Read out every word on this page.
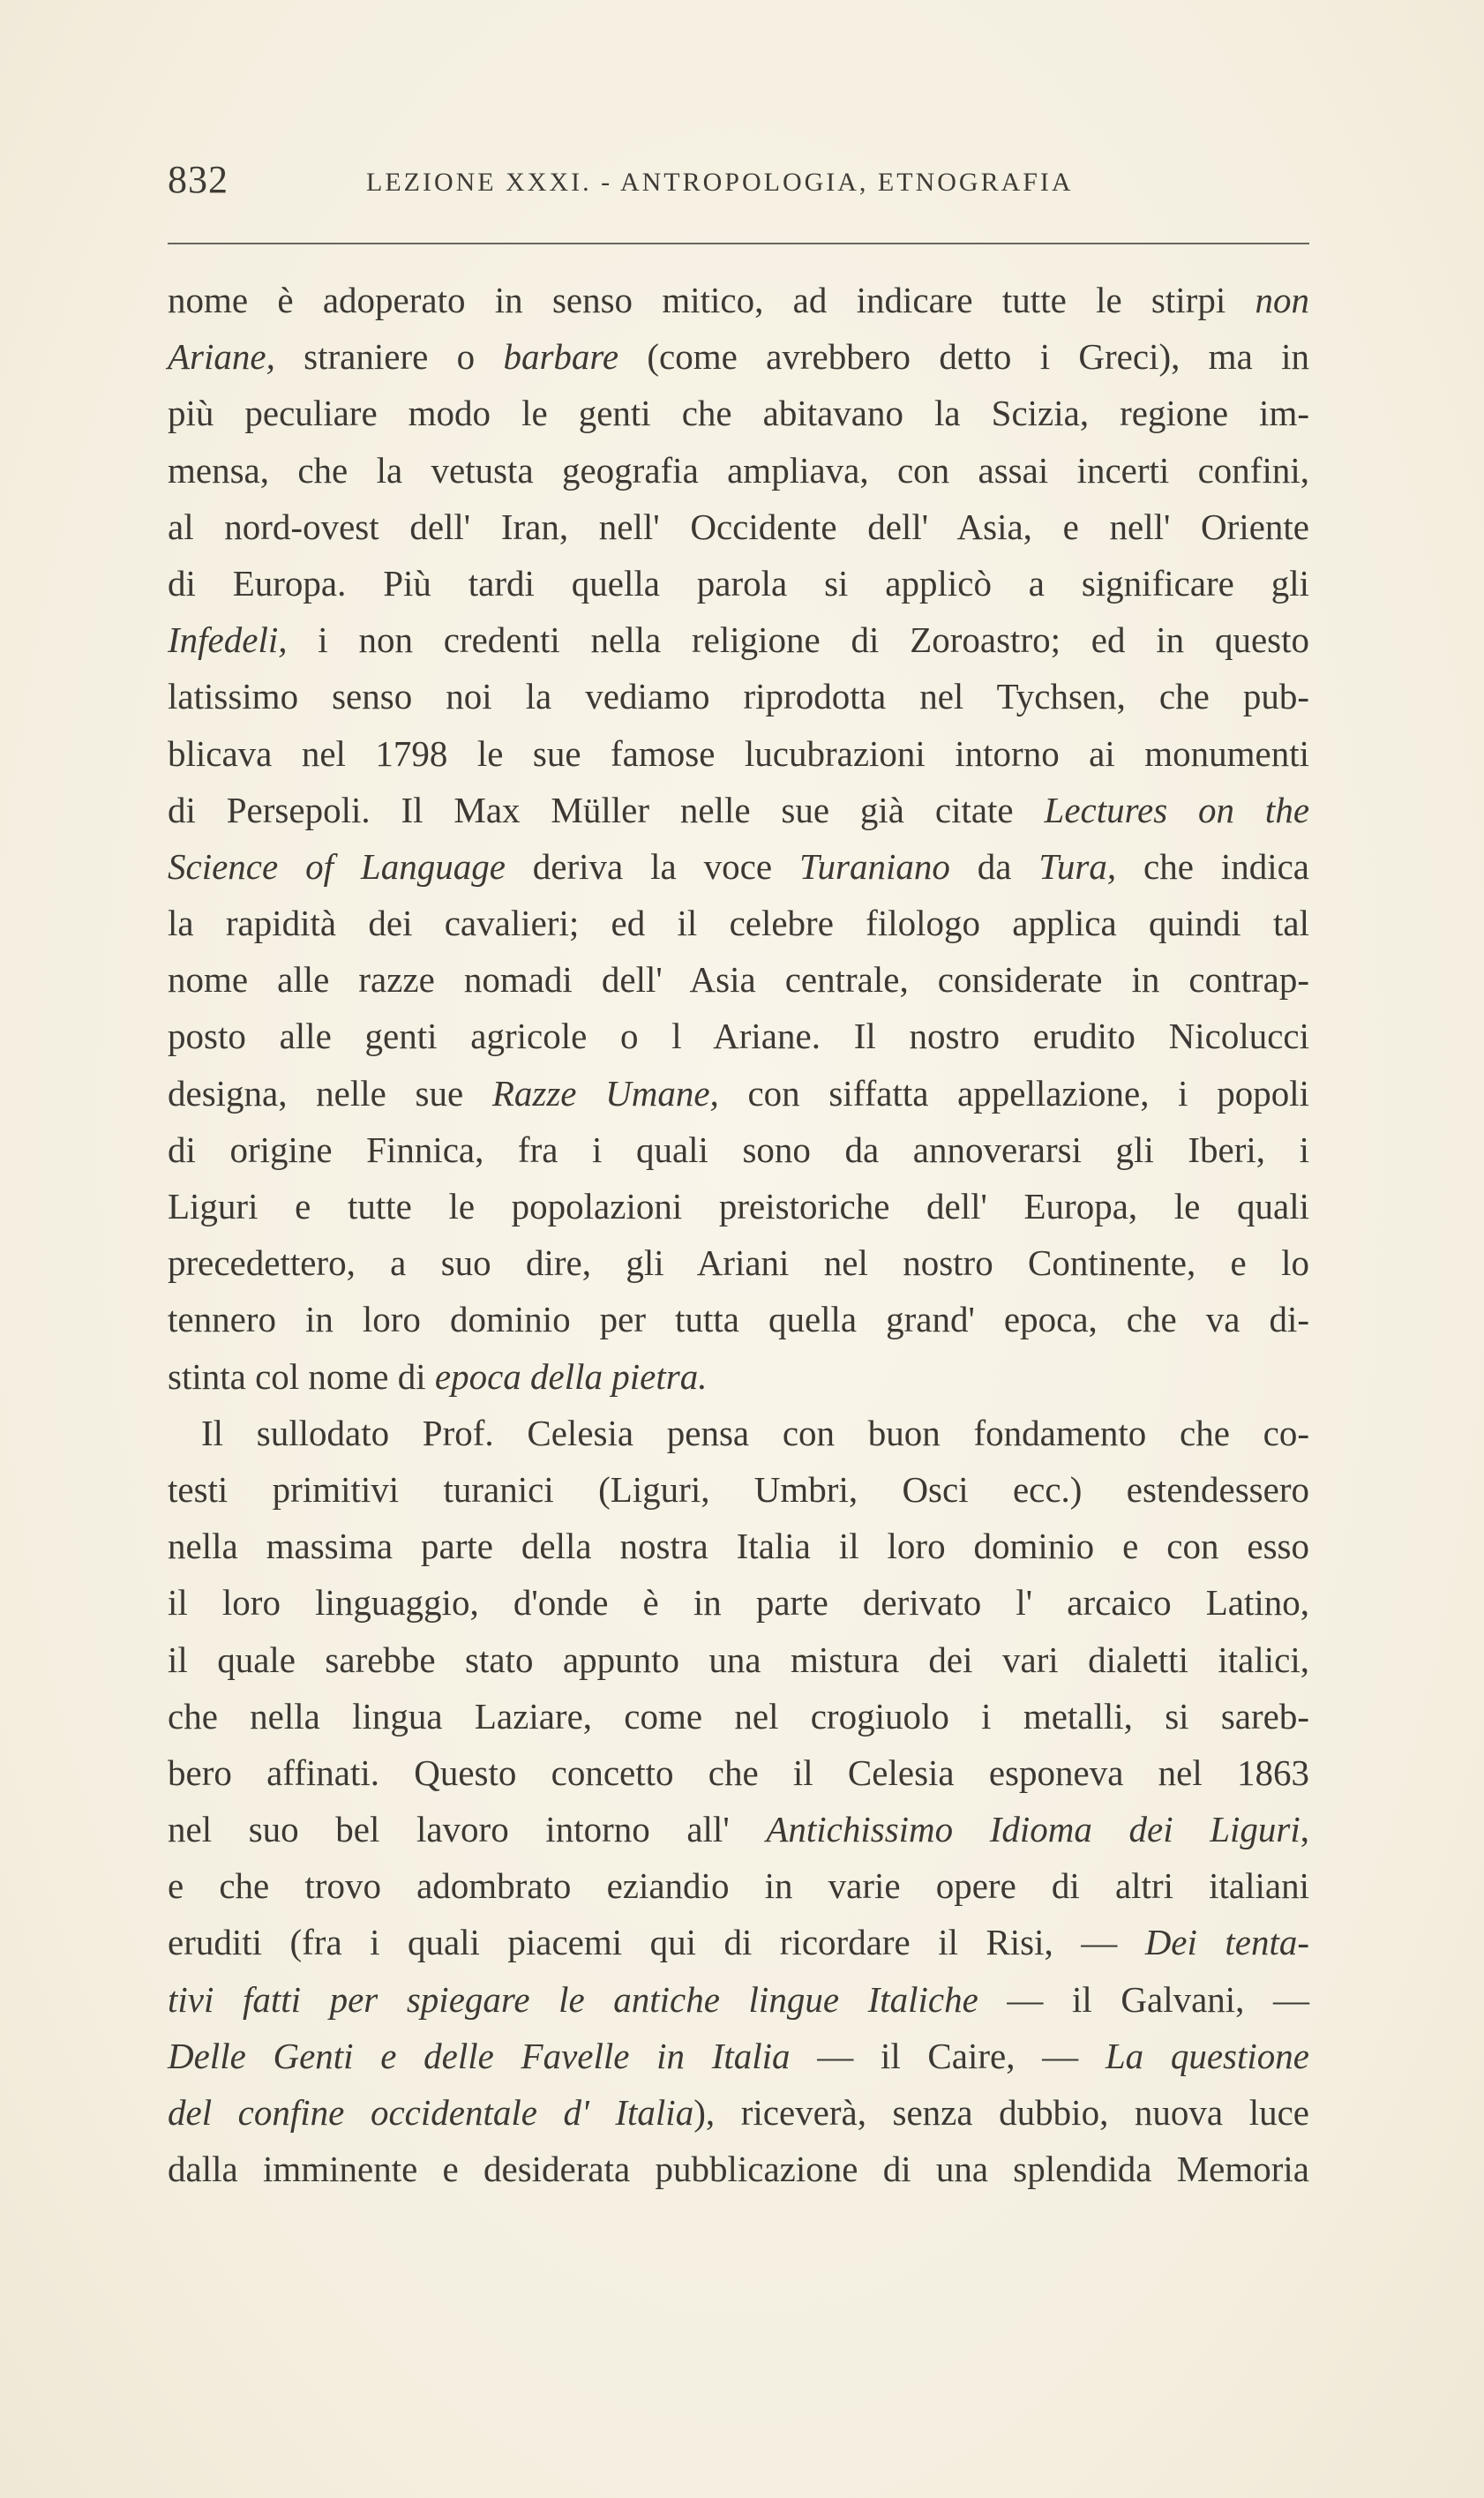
832	LEZIONE XXXI. - ANTROPOLOGIA, ETNOGRAFIA
nome è adoperato in senso mitico, ad indicare tutte le stirpi non
Ariane, straniere o barbare (come avrebbero detto i Greci), ma in
più peculiare modo le genti che abitavano la Scizia, regione im-
mensa, che la vetusta geografia ampliava, con assai incerti confini,
al nord-ovest dell' Iran, nell' Occidente dell' Asia, e nell' Oriente
di Europa. Più tardi quella parola si applicò a significare gli
Infedeli, i non credenti nella religione di Zoroastro; ed in questo
latissimo senso noi la vediamo riprodotta nel Tychsen, che pub-
blicava nel 1798 le sue famose lucubrazioni intorno ai monumenti
di Persepoli. Il Max Müller nelle sue già citate Lectures on the
Science of Language deriva la voce Turaniano da Tura, che indica
la rapidità dei cavalieri; ed il celebre filologo applica quindi tal
nome alle razze nomadi dell' Asia centrale, considerate in contrap-
posto alle genti agricole o l Ariane. Il nostro erudito Nicolucci
designa, nelle sue Razze Umane, con siffatta appellazione, i popoli
di origine Finnica, fra i quali sono da annoverarsi gli Iberi, i
Liguri e tutte le popolazioni preistoriche dell' Europa, le quali
precedettero, a suo dire, gli Ariani nel nostro Continente, e lo
tennero in loro dominio per tutta quella grand' epoca, che va di-
stinta col nome di epoca della pietra.
Il sullodato Prof. Celesia pensa con buon fondamento che co-
testi primitivi turanici (Liguri, Umbri, Osci ecc.) estendessero
nella massima parte della nostra Italia il loro dominio e con esso
il loro linguaggio, d'onde è in parte derivato l' arcaico Latino,
il quale sarebbe stato appunto una mistura dei vari dialetti italici,
che nella lingua Laziare, come nel crogiuolo i metalli, si sareb-
bero affinati. Questo concetto che il Celesia esponeva nel 1863
nel suo bel lavoro intorno all' Antichissimo Idioma dei Liguri,
e che trovo adombrato eziandio in varie opere di altri italiani
eruditi (fra i quali piacemi qui di ricordare il Risi, — Dei tenta-
tivi fatti per spiegare le antiche lingue Italiche — il Galvani, —
Delle Genti e delle Favelle in Italia — il Caire, — La questione
del confine occidentale d' Italia), riceverà, senza dubbio, nuova luce
dalla imminente e desiderata pubblicazione di una splendida Memoria
